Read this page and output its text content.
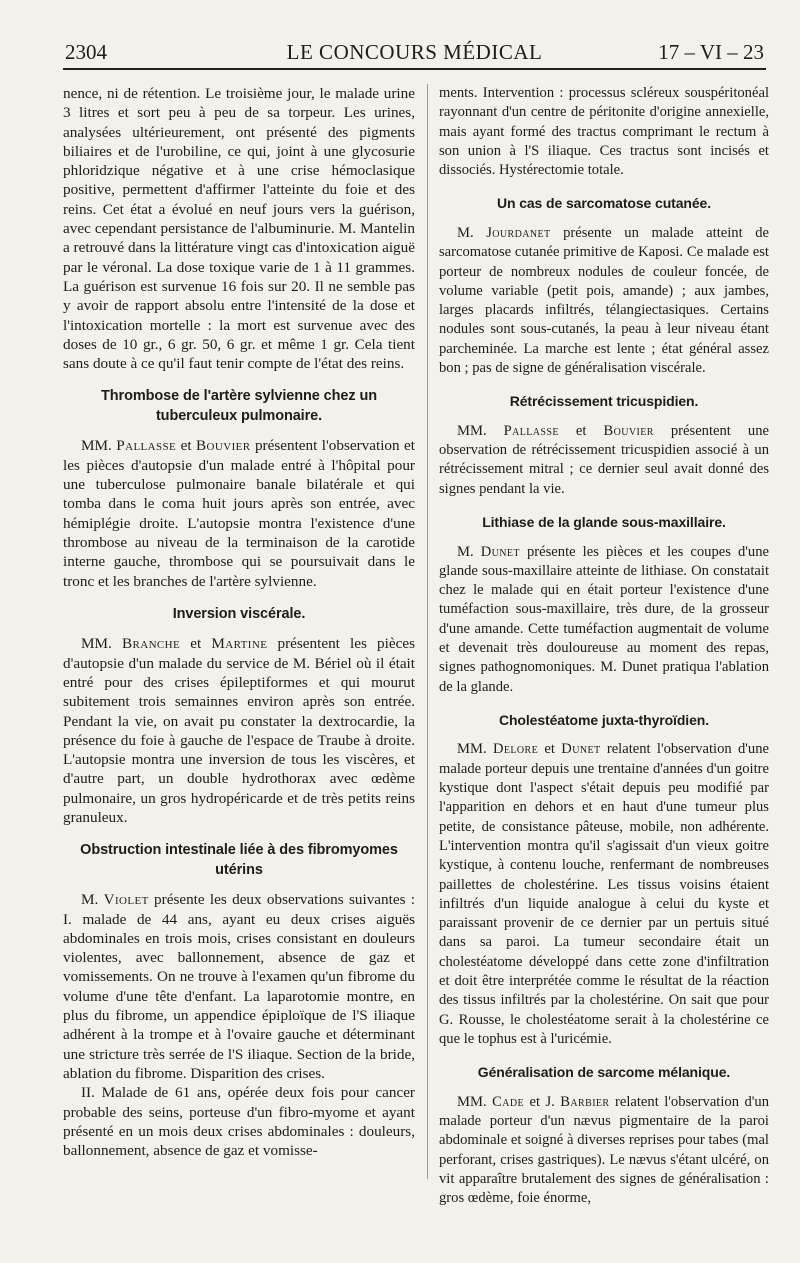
2304	LE CONCOURS MÉDICAL	17 – VI – 23

nence, ni de rétention. Le troisième jour, le malade urine 3 litres et sort peu à peu de sa torpeur. Les urines, analysées ultérieurement, ont présenté des pigments biliaires et de l'urobiline, ce qui, joint à une glycosurie phloridzique négative et à une crise hémoclasique positive, permettent d'affirmer l'atteinte du foie et des reins. Cet état a évolué en neuf jours vers la guérison, avec cependant persistance de l'albuminurie. M. Mantelin a retrouvé dans la littérature vingt cas d'intoxication aiguë par le véronal. La dose toxique varie de 1 à 11 grammes. La guérison est survenue 16 fois sur 20. Il ne semble pas y avoir de rapport absolu entre l'intensité de la dose et l'intoxication mortelle : la mort est survenue avec des doses de 10 gr., 6 gr. 50, 6 gr. et même 1 gr. Cela tient sans doute à ce qu'il faut tenir compte de l'état des reins.

Thrombose de l'artère sylvienne chez un tuberculeux pulmonaire.

MM. Pallasse et Bouvier présentent l'observation et les pièces d'autopsie d'un malade entré à l'hôpital pour une tuberculose pulmonaire banale bilatérale et qui tomba dans le coma huit jours après son entrée, avec hémiplégie droite. L'autopsie montra l'existence d'une thrombose au niveau de la terminaison de la carotide interne gauche, thrombose qui se poursuivait dans le tronc et les branches de l'artère sylvienne.

Inversion viscérale.

MM. Branche et Martine présentent les pièces d'autopsie d'un malade du service de M. Bériel où il était entré pour des crises épileptiformes et qui mourut subitement trois semainnes environ après son entrée. Pendant la vie, on avait pu constater la dextrocardie, la présence du foie à gauche de l'espace de Traube à droite. L'autopsie montra une inversion de tous les viscères, et d'autre part, un double hydrothorax avec œdème pulmonaire, un gros hydropéricarde et de très petits reins granuleux.

Obstruction intestinale liée à des fibromyomes utérins

M. Violet présente les deux observations suivantes : I. malade de 44 ans, ayant eu deux crises aiguës abdominales en trois mois, crises consistant en douleurs violentes, avec ballonnement, absence de gaz et vomissements. On ne trouve à l'examen qu'un fibrome du volume d'une tête d'enfant. La laparotomie montre, en plus du fibrome, un appendice épiploïque de l'S iliaque adhérent à la trompe et à l'ovaire gauche et déterminant une stricture très serrée de l'S iliaque. Section de la bride, ablation du fibrome. Disparition des crises.

II. Malade de 61 ans, opérée deux fois pour cancer probable des seins, porteuse d'un fibro-myome et ayant présenté en un mois deux crises abdominales : douleurs, ballonnement, absence de gaz et vomisse-

ments. Intervention : processus scléreux souspéritonéal rayonnant d'un centre de péritonite d'origine annexielle, mais ayant formé des tractus comprimant le rectum à son union à l'S iliaque. Ces tractus sont incisés et dissociés. Hystérectomie totale.

Un cas de sarcomatose cutanée.

M. Jourdanet présente un malade atteint de sarcomatose cutanée primitive de Kaposi. Ce malade est porteur de nombreux nodules de couleur foncée, de volume variable (petit pois, amande) ; aux jambes, larges placards infiltrés, télangiectasiques. Certains nodules sont sous-cutanés, la peau à leur niveau étant parcheminée. La marche est lente ; état général assez bon ; pas de signe de généralisation viscérale.

Rétrécissement tricuspidien.

MM. Pallasse et Bouvier présentent une observation de rétrécissement tricuspidien associé à un rétrécissement mitral ; ce dernier seul avait donné des signes pendant la vie.

Lithiase de la glande sous-maxillaire.

M. Dunet présente les pièces et les coupes d'une glande sous-maxillaire atteinte de lithiase. On constatait chez le malade qui en était porteur l'existence d'une tuméfaction sous-maxillaire, très dure, de la grosseur d'une amande. Cette tuméfaction augmentait de volume et devenait très douloureuse au moment des repas, signes pathognomoniques. M. Dunet pratiqua l'ablation de la glande.

Cholestéatome juxta-thyroïdien.

MM. Delore et Dunet relatent l'observation d'une malade porteur depuis une trentaine d'années d'un goitre kystique dont l'aspect s'était depuis peu modifié par l'apparition en dehors et en haut d'une tumeur plus petite, de consistance pâteuse, mobile, non adhérente. L'intervention montra qu'il s'agissait d'un vieux goitre kystique, à contenu louche, renfermant de nombreuses paillettes de cholestérine. Les tissus voisins étaient infiltrés d'un liquide analogue à celui du kyste et paraissant provenir de ce dernier par un pertuis situé dans sa paroi. La tumeur secondaire était un cholestéatome développé dans cette zone d'infiltration et doit être interprétée comme le résultat de la réaction des tissus infiltrés par la cholestérine. On sait que pour G. Rousse, le cholestéatome serait à la cholestérine ce que le tophus est à l'uricémie.

Généralisation de sarcome mélanique.

MM. Cade et J. Barbier relatent l'observation d'un malade porteur d'un nævus pigmentaire de la paroi abdominale et soigné à diverses reprises pour tabes (mal perforant, crises gastriques). Le nævus s'étant ulcéré, on vit apparaître brutalement des signes de généralisation : gros œdème, foie énorme,
